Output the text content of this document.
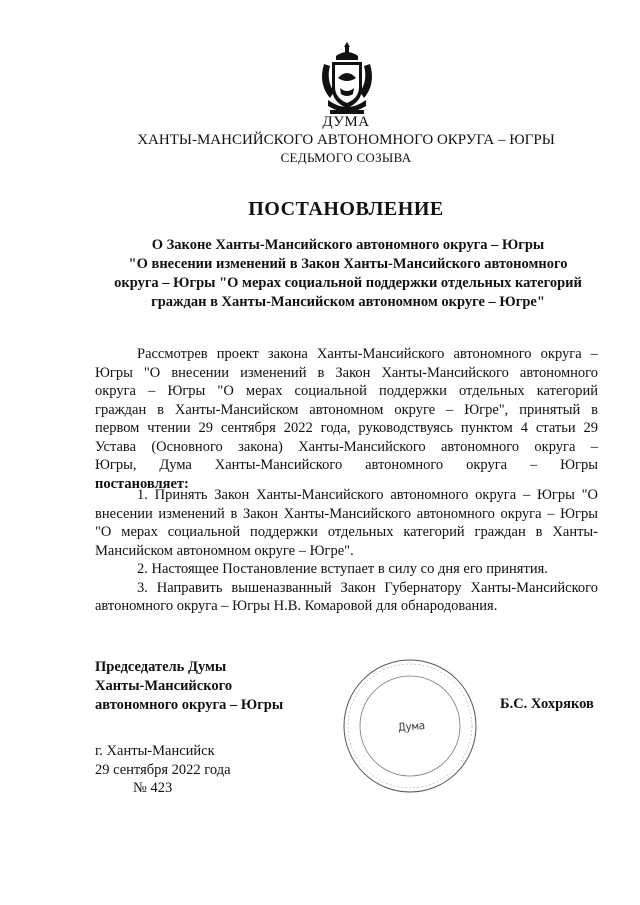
ДУМА
ХАНТЫ-МАНСИЙСКОГО АВТОНОМНОГО ОКРУГА – ЮГРЫ
СЕДЬМОГО СОЗЫВА
ПОСТАНОВЛЕНИЕ
О Законе Ханты-Мансийского автономного округа – Югры
"О внесении изменений в Закон Ханты-Мансийского автономного
округа – Югры "О мерах социальной поддержки отдельных категорий
граждан в Ханты-Мансийском автономном округе – Югре"
Рассмотрев проект закона Ханты-Мансийского автономного округа –
Югры "О внесении изменений в Закон Ханты-Мансийского автономного
округа – Югры "О мерах социальной поддержки отдельных категорий
граждан в Ханты-Мансийском автономном округе – Югре", принятый в
первом чтении 29 сентября 2022 года, руководствуясь пунктом 4 статьи 29
Устава (Основного закона) Ханты-Мансийского автономного округа –
Югры, Дума Ханты-Мансийского автономного округа – Югры
постановляет:

1. Принять Закон Ханты-Мансийского автономного округа – Югры "О внесении изменений в Закон Ханты-Мансийского автономного округа – Югры "О мерах социальной поддержки отдельных категорий граждан в Ханты-Мансийском автономном округе – Югре".

2. Настоящее Постановление вступает в силу со дня его принятия.

3. Направить вышеназванный Закон Губернатору Ханты-Мансийского автономного округа – Югры Н.В. Комаровой для обнародования.

Председатель Думы
Ханты-Мансийского
автономного округа – Югры
Дума
Б.С. Хохряков
г. Ханты-Мансийск
29 сентября 2022 года
№ 423
